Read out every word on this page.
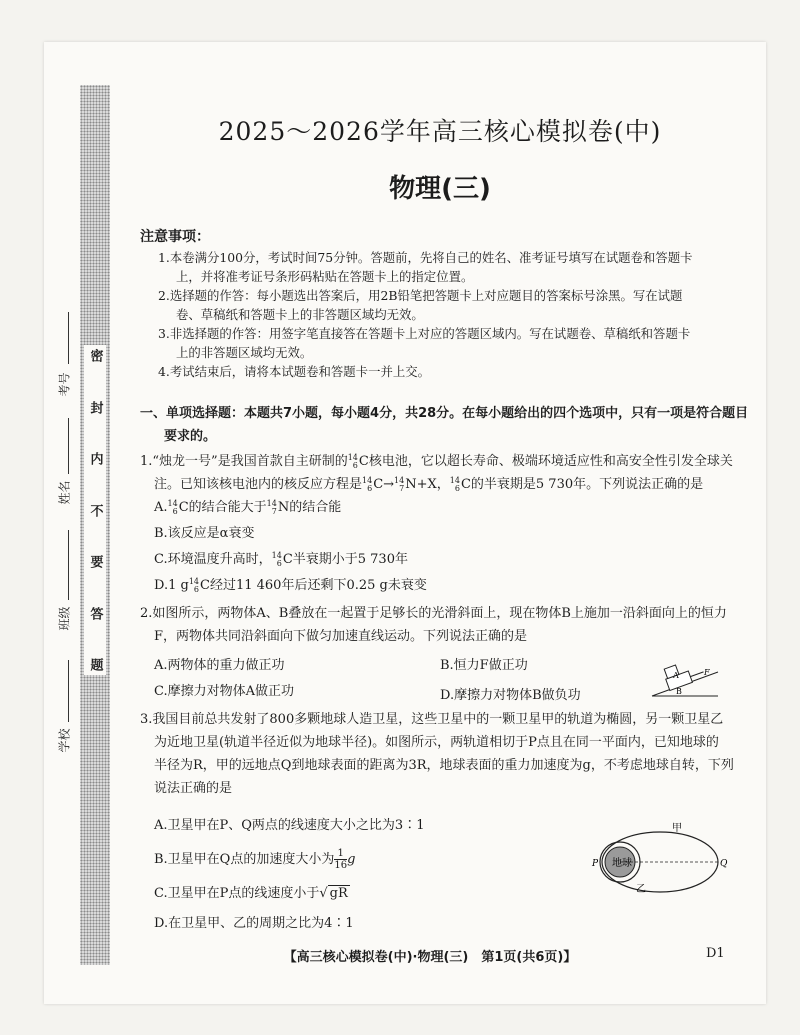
密
封
内
不
要
答
题
考号
姓名
班级
学校
2025～2026学年高三核心模拟卷(中)
物理(三)
注意事项：

1.本卷满分100分，考试时间75分钟。答题前，先将自己的姓名、准考证号填写在试题卷和答题卡

上，并将准考证号条形码粘贴在答题卡上的指定位置。

2.选择题的作答：每小题选出答案后，用2B铅笔把答题卡上对应题目的答案标号涂黑。写在试题

卷、草稿纸和答题卡上的非答题区域均无效。

3.非选择题的作答：用签字笔直接答在答题卡上对应的答题区域内。写在试题卷、草稿纸和答题卡

上的非答题区域均无效。

4.考试结束后，请将本试题卷和答题卡一并上交。

一、单项选择题：本题共7小题，每小题4分，共28分。在每小题给出的四个选项中，只有一项是符合题目
要求的。

1.“烛龙一号”是我国首款自主研制的 14
6 C核电池，它以超长寿命、极端环境适应性和高安全性引发全球关

注。已知该核电池内的核反应方程是 14
6 C→ 14
7 N+X， 14
6 C的半衰期是5 730年。下列说法正确的是

A. 14
6 C的结合能大于 14
7 N的结合能
B.该反应是α衰变
C.环境温度升高时， 14
6 C半衰期小于5 730年
D.1 g 14
6 C经过11 460年后还剩下0.25 g未衰变

2.如图所示，两物体A、B叠放在一起置于足够长的光滑斜面上，现在物体B上施加一沿斜面向上的恒力

F，两物体共同沿斜面向下做匀加速直线运动。下列说法正确的是

A.两物体的重力做正功	B.恒力F做正功
C.摩擦力对物体A做正功	D.摩擦力对物体B做负功
A
B
F

3.我国目前总共发射了800多颗地球人造卫星，这些卫星中的一颗卫星甲的轨道为椭圆，另一颗卫星乙

为近地卫星(轨道半径近似为地球半径)。如图所示，两轨道相切于P点且在同一平面内，已知地球的

半径为R，甲的远地点Q到地球表面的距离为3R，地球表面的重力加速度为g，不考虑地球自转，下列

说法正确的是

A.卫星甲在P、Q两点的线速度大小之比为3∶1
B.卫星甲在Q点的加速度大小为 $\frac{1}{16}g$
C.卫星甲在P点的线速度小于√ gR
D.在卫星甲、乙的周期之比为4∶1
地球
甲
乙
P	Q
【高三核心模拟卷(中)·物理(三)　第1页(共6页)】	D1
